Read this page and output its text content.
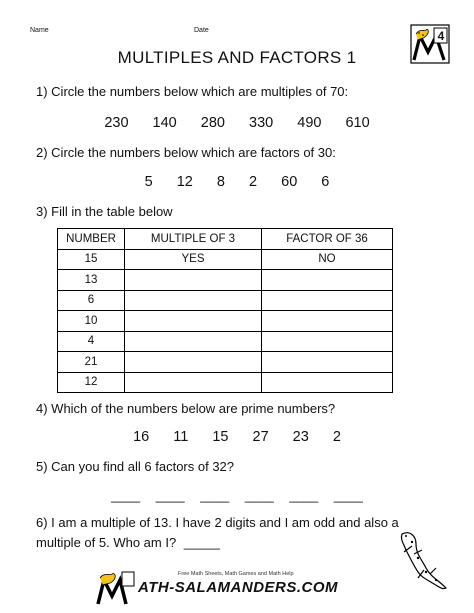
Name	Date	4
MULTIPLES AND FACTORS 1
1) Circle the numbers below which are multiples of 70:
230 140 280 330 490 610
2) Circle the numbers below which are factors of 30:
5 12 8 2 60 6
3) Fill in the table below
NUMBER	MULTIPLE OF 3	FACTOR OF 36
15	YES	NO
13		
6		
10		
4		
21		
12		
4) Which of the numbers below are prime numbers?
16 11 15 27 23 2
5) Can you find all 6 factors of 32?
____ ____ ____ ____ ____ ____
6) I am a multiple of 13. I have 2 digits and I am odd and also a
multiple of 5. Who am I? _____
Free Math Sheets, Math Games and Math Help
ATH-SALAMANDERS.COM
